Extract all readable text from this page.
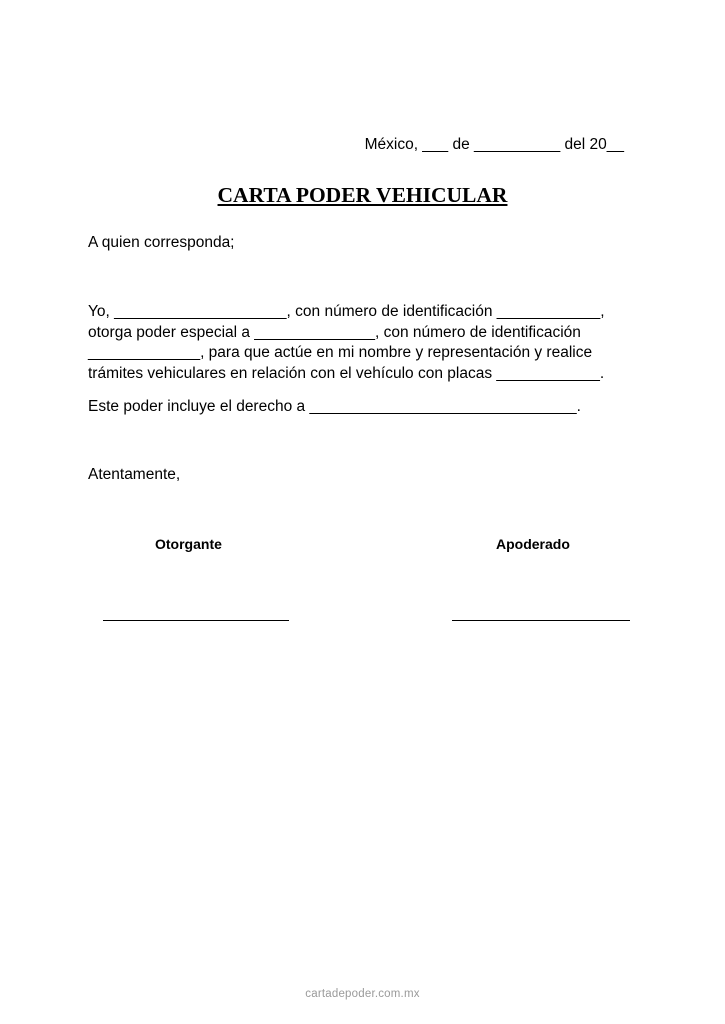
México, ___ de __________ del 20__
CARTA PODER VEHICULAR
A quien corresponda;
Yo, ____________________, con número de identificación ____________,
otorga poder especial a ______________, con número de identificación
_____________, para que actúe en mi nombre y representación y realice
trámites vehiculares en relación con el vehículo con placas ____________.
Este poder incluye el derecho a _______________________________.
Atentamente,
Otorgante	Apoderado
cartadepoder.com.mx
